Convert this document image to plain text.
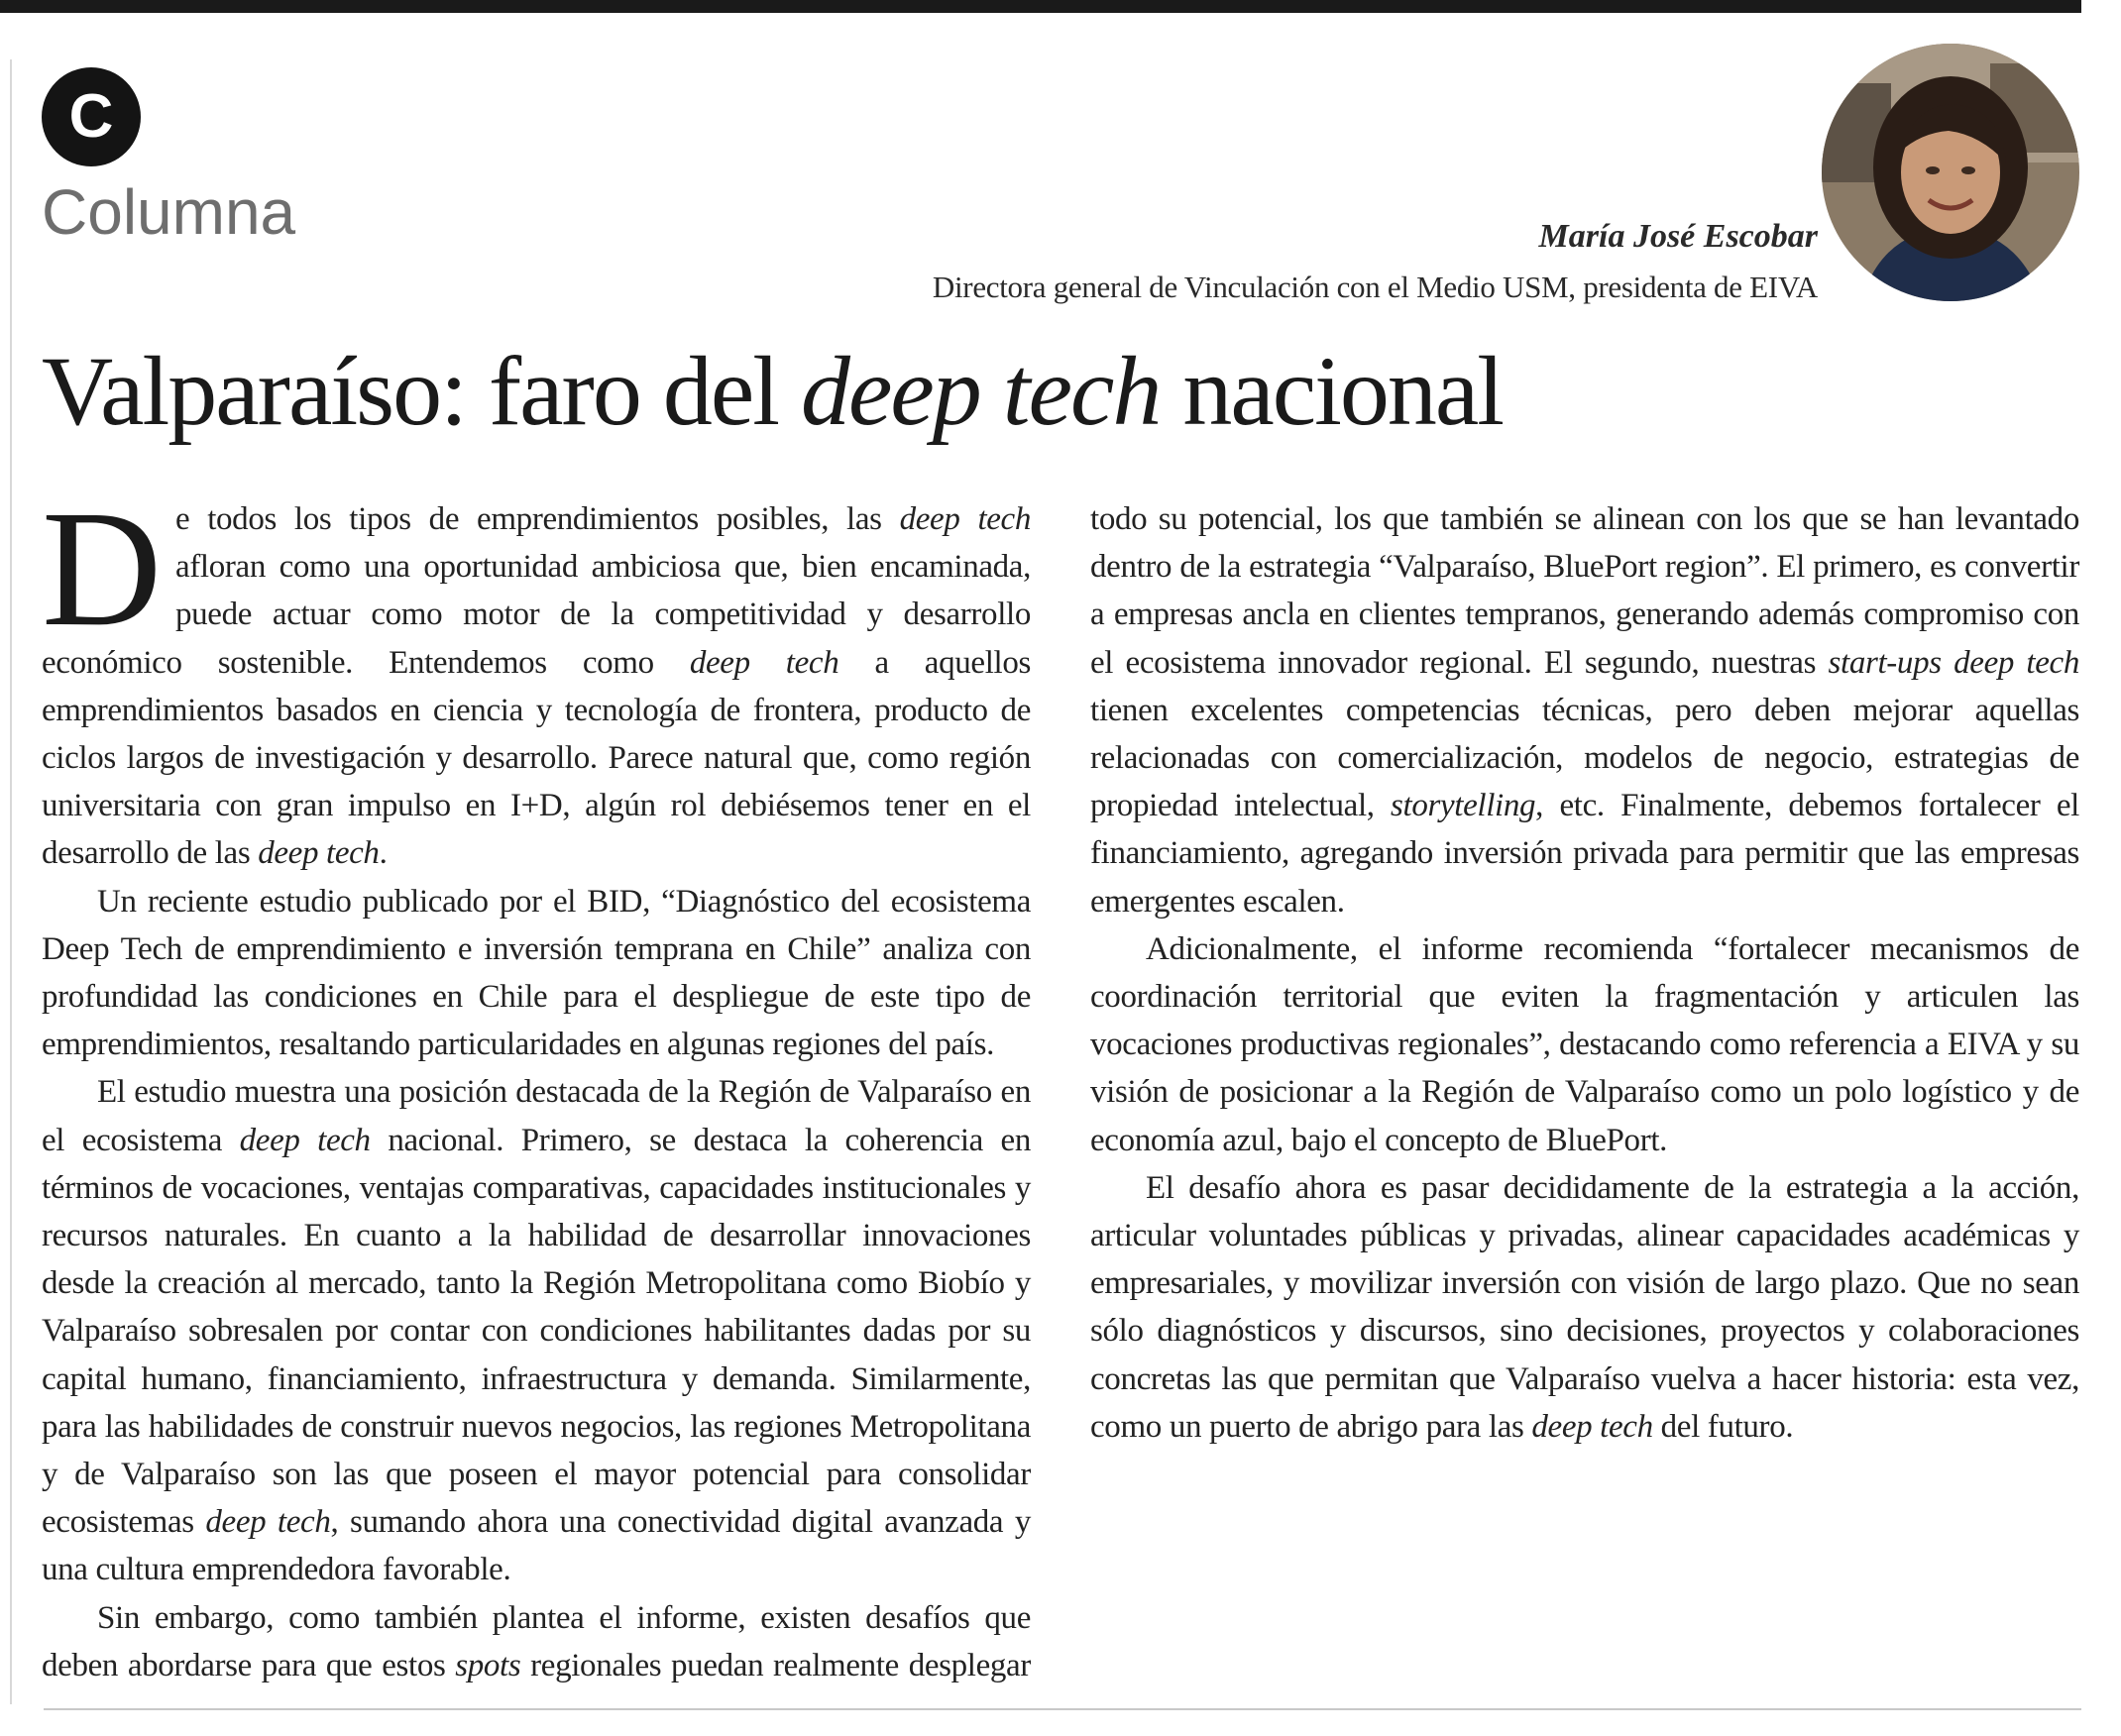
C
Columna	María José Escobar
Directora general de Vinculación con el Medio USM, presidenta de EIVA
Valparaíso: faro del deep tech nacional

De todos los tipos de emprendimientos posibles, las deep tech afloran como una oportunidad ambiciosa que, bien encaminada, puede actuar como motor de la competitividad y desarrollo económico sostenible. Entendemos como deep tech a aquellos emprendimientos basados en ciencia y tecnología de frontera, producto de ciclos largos de investigación y desarrollo. Parece natural que, como región universitaria con gran impulso en I+D, algún rol debiésemos tener en el desarrollo de las deep tech.

Un reciente estudio publicado por el BID, “Diagnóstico del ecosistema Deep Tech de emprendimiento e inversión temprana en Chile” analiza con profundidad las condiciones en Chile para el despliegue de este tipo de emprendimientos, resaltando particularidades en algunas regiones del país.

El estudio muestra una posición destacada de la Región de Valparaíso en el ecosistema deep tech nacional. Primero, se destaca la coherencia en términos de vocaciones, ventajas comparativas, capacidades institucionales y recursos naturales. En cuanto a la habilidad de desarrollar innovaciones desde la creación al mercado, tanto la Región Metropolitana como Biobío y Valparaíso sobresalen por contar con condiciones habilitantes dadas por su capital humano, financiamiento, infraestructura y demanda. Similarmente, para las habilidades de construir nuevos negocios, las regiones Metropolitana y de Valparaíso son las que poseen el mayor potencial para consolidar ecosistemas deep tech, sumando ahora una conectividad digital avanzada y una cultura emprendedora favorable.

Sin embargo, como también plantea el informe, existen desafíos que deben abordarse para que estos spots regionales puedan realmente desplegar todo su potencial, los que también se alinean con los que se han levantado dentro de la estrategia “Valparaíso, BluePort region”. El primero, es convertir a empresas ancla en clientes tempranos, generando además compromiso con el ecosistema innovador regional. El segundo, nuestras start-ups deep tech tienen excelentes competencias técnicas, pero deben mejorar aquellas relacionadas con comercialización, modelos de negocio, estrategias de propiedad intelectual, storytelling, etc. Finalmente, debemos fortalecer el financiamiento, agregando inversión privada para permitir que las empresas emergentes escalen.

Adicionalmente, el informe recomienda “fortalecer mecanismos de coordinación territorial que eviten la fragmentación y articulen las vocaciones productivas regionales”, destacando como referencia a EIVA y su visión de posicionar a la Región de Valparaíso como un polo logístico y de economía azul, bajo el concepto de BluePort.

El desafío ahora es pasar decididamente de la estrategia a la acción, articular voluntades públicas y privadas, alinear capacidades académicas y empresariales, y movilizar inversión con visión de largo plazo. Que no sean sólo diagnósticos y discursos, sino decisiones, proyectos y colaboraciones concretas las que permitan que Valparaíso vuelva a hacer historia: esta vez, como un puerto de abrigo para las deep tech del futuro.
